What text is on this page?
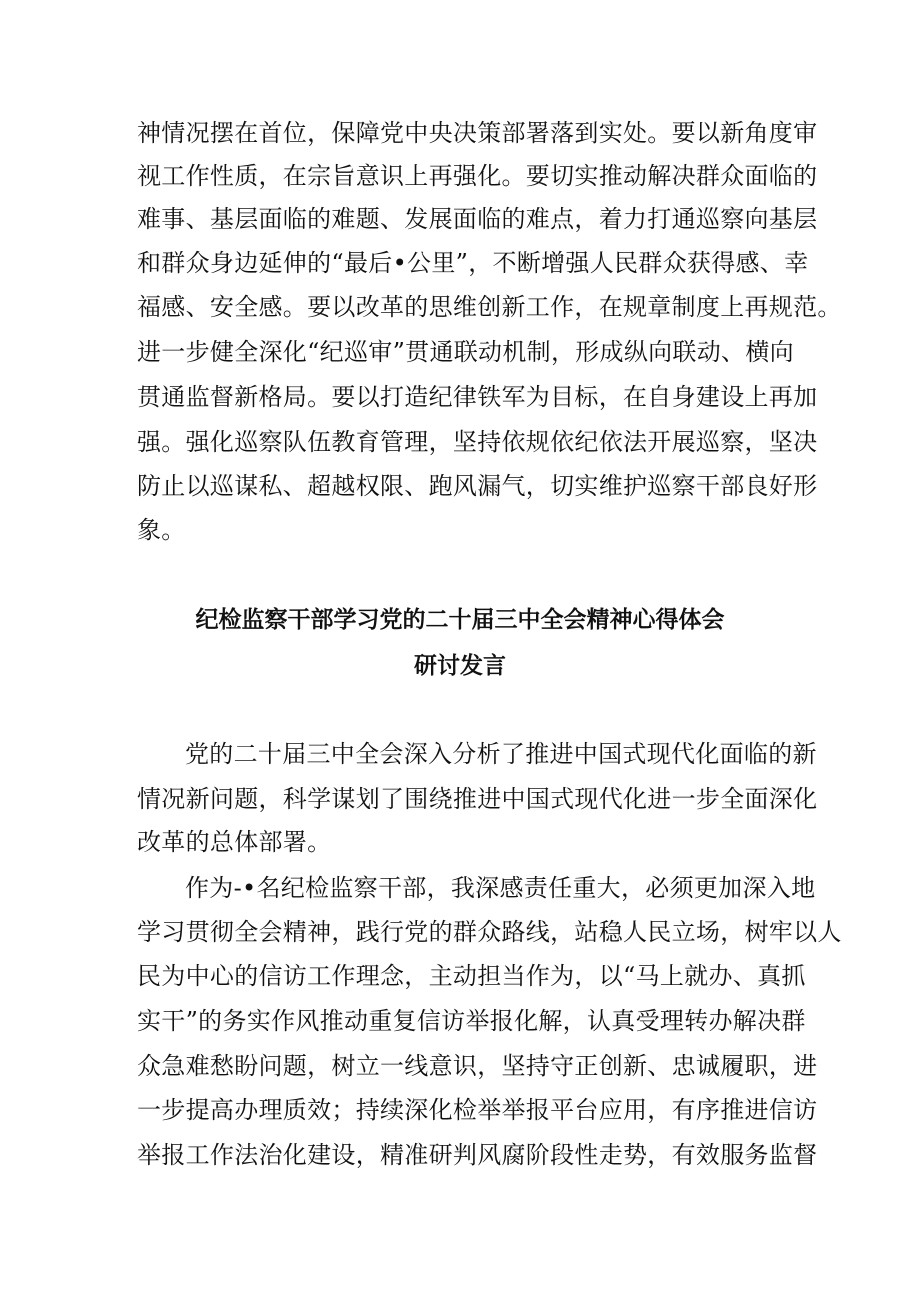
神情况摆在首位，保障党中央决策部署落到实处。要以新角度审
视工作性质，在宗旨意识上再强化。要切实推动解决群众面临的
难事、基层面临的难题、发展面临的难点，着力打通巡察向基层
和群众身边延伸的“最后•公里”，不断增强人民群众获得感、幸
福感、安全感。要以改革的思维创新工作，在规章制度上再规范。
进一步健全深化“纪巡审”贯通联动机制，形成纵向联动、横向
贯通监督新格局。要以打造纪律铁军为目标，在自身建设上再加
强。强化巡察队伍教育管理，坚持依规依纪依法开展巡察，坚决
防止以巡谋私、超越权限、跑风漏气，切实维护巡察干部良好形
象。
纪检监察干部学习党的二十届三中全会精神心得体会
研讨发言
党的二十届三中全会深入分析了推进中国式现代化面临的新
情况新问题，科学谋划了围绕推进中国式现代化进一步全面深化
改革的总体部署。
作为-•名纪检监察干部，我深感责任重大，必须更加深入地
学习贯彻全会精神，践行党的群众路线，站稳人民立场，树牢以人
民为中心的信访工作理念，主动担当作为，以“马上就办、真抓
实干”的务实作风推动重复信访举报化解，认真受理转办解决群
众急难愁盼问题，树立一线意识，坚持守正创新、忠诚履职，进
一步提高办理质效；持续深化检举举报平台应用，有序推进信访
举报工作法治化建设，精准研判风腐阶段性走势，有效服务监督
